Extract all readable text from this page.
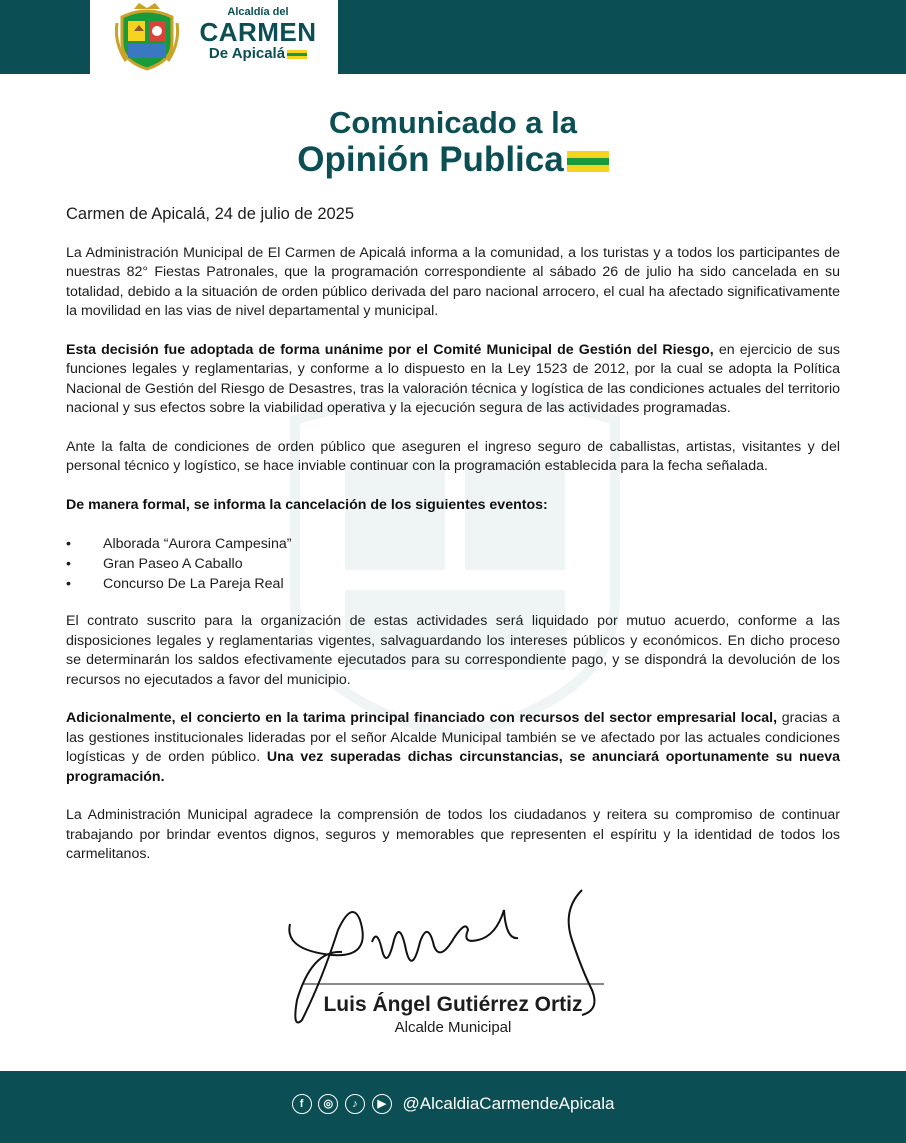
Alcaldía del
CARMEN
De Apicalá
Comunicado a la
Opinión Publica

Carmen de Apicalá, 24 de julio de 2025

La Administración Municipal de El Carmen de Apicalá informa a la comunidad, a los turistas y a todos los participantes de nuestras 82° Fiestas Patronales, que la programación correspondiente al sábado 26 de julio ha sido cancelada en su totalidad, debido a la situación de orden público derivada del paro nacional arrocero, el cual ha afectado significativamente la movilidad en las vias de nivel departamental y municipal.

Esta decisión fue adoptada de forma unánime por el Comité Municipal de Gestión del Riesgo, en ejercicio de sus funciones legales y reglamentarias, y conforme a lo dispuesto en la Ley 1523 de 2012, por la cual se adopta la Política Nacional de Gestión del Riesgo de Desastres, tras la valoración técnica y logística de las condiciones actuales del territorio nacional y sus efectos sobre la viabilidad operativa y la ejecución segura de las actividades programadas.

Ante la falta de condiciones de orden público que aseguren el ingreso seguro de caballistas, artistas, visitantes y del personal técnico y logístico, se hace inviable continuar con la programación establecida para la fecha señalada.

De manera formal, se informa la cancelación de los siguientes eventos:

• Alborada “Aurora Campesina”
• Gran Paseo A Caballo
• Concurso De La Pareja Real

El contrato suscrito para la organización de estas actividades será liquidado por mutuo acuerdo, conforme a las disposiciones legales y reglamentarias vigentes, salvaguardando los intereses públicos y económicos. En dicho proceso se determinarán los saldos efectivamente ejecutados para su correspondiente pago, y se dispondrá la devolución de los recursos no ejecutados a favor del municipio.

Adicionalmente, el concierto en la tarima principal financiado con recursos del sector empresarial local, gracias a las gestiones institucionales lideradas por el señor Alcalde Municipal también se ve afectado por las actuales condiciones logísticas y de orden público. Una vez superadas dichas circunstancias, se anunciará oportunamente su nueva programación.

La Administración Municipal agradece la comprensión de todos los ciudadanos y reitera su compromiso de continuar trabajando por brindar eventos dignos, seguros y memorables que representen el espíritu y la identidad de todos los carmelitanos.

Luis Ángel Gutiérrez Ortiz
Alcalde Municipal
f ◎ ♪ ▶ @AlcaldiaCarmendeApicala
